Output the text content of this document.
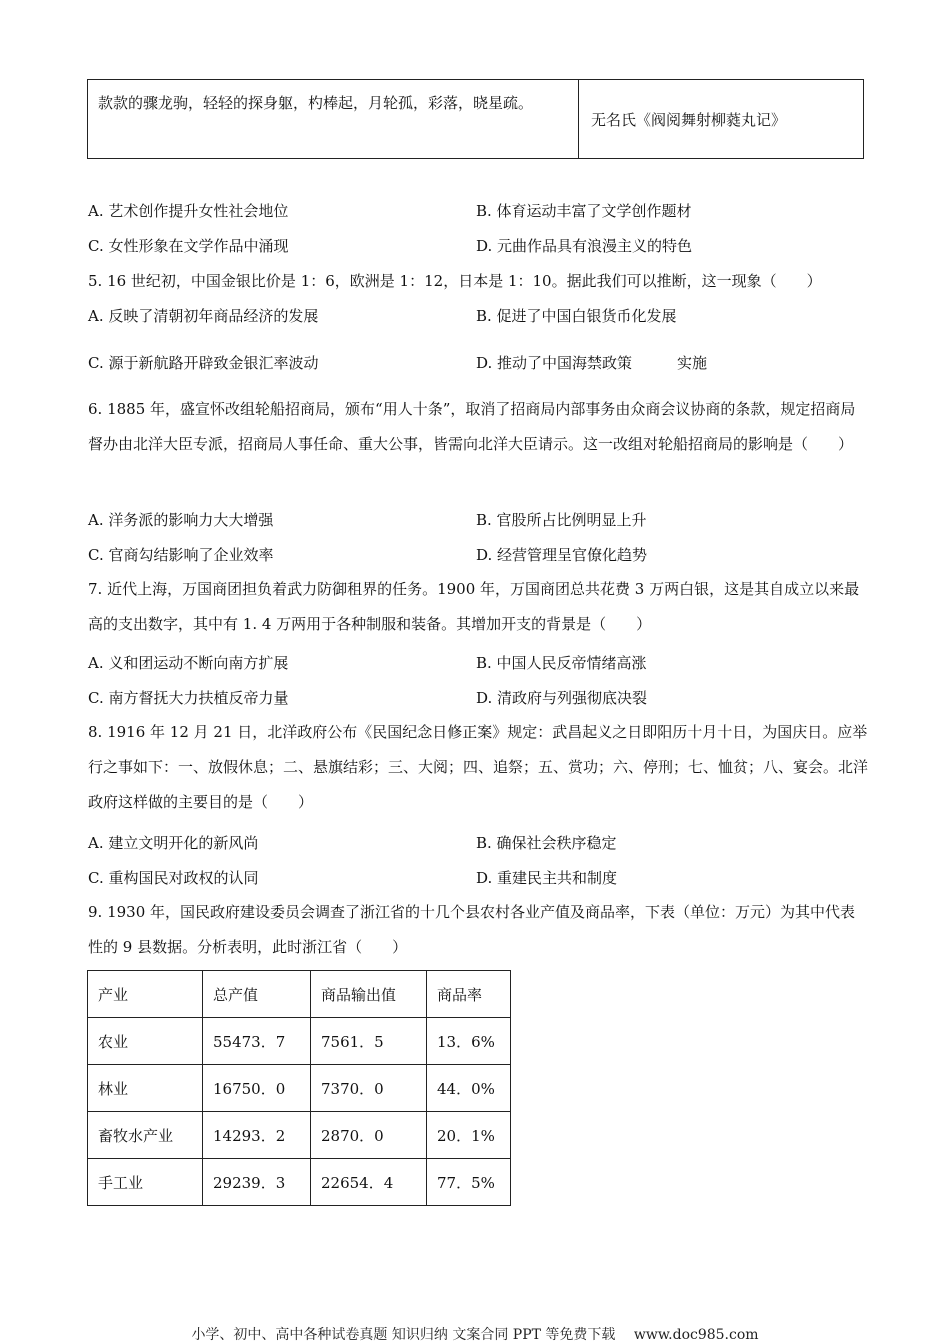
款款的骤龙驹，轻轻的探身躯，杓棒起，月轮孤，彩落，晓星疏。
无名氏《阀阅舞射柳蕤丸记》
A. 艺术创作提升女性社会地位	B. 体育运动丰富了文学创作题材
C. 女性形象在文学作品中涌现	D. 元曲作品具有浪漫主义的特色
5. 16 世纪初，中国金银比价是 1：6，欧洲是 1：12，日本是 1：10。据此我们可以推断，这一现象（　　）
A. 反映了清朝初年商品经济的发展	B. 促进了中国白银货币化发展
C. 源于新航路开辟致金银汇率波动	D. 推动了中国海禁政策　　　实施
6. 1885 年，盛宣怀改组轮船招商局，颁布“用人十条”，取消了招商局内部事务由众商会议协商的条款，规定招商局督办由北洋大臣专派，招商局人事任命、重大公事，皆需向北洋大臣请示。这一改组对轮船招商局的影响是（　　）
A. 洋务派的影响力大大增强	B. 官股所占比例明显上升
C. 官商勾结影响了企业效率	D. 经营管理呈官僚化趋势
7. 近代上海，万国商团担负着武力防御租界的任务。1900 年，万国商团总共花费 3 万两白银，这是其自成立以来最高的支出数字，其中有 1. 4 万两用于各种制服和装备。其增加开支的背景是（　　）
A. 义和团运动不断向南方扩展	B. 中国人民反帝情绪高涨
C. 南方督抚大力扶植反帝力量	D. 清政府与列强彻底决裂
8. 1916 年 12 月 21 日，北洋政府公布《民国纪念日修正案》规定：武昌起义之日即阳历十月十日，为国庆日。应举行之事如下：一、放假休息；二、悬旗结彩；三、大阅；四、追祭；五、赏功；六、停刑；七、恤贫；八、宴会。北洋政府这样做的主要目的是（　　）
A. 建立文明开化的新风尚	B. 确保社会秩序稳定
C. 重构国民对政权的认同	D. 重建民主共和制度
9. 1930 年，国民政府建设委员会调查了浙江省的十几个县农村各业产值及商品率，下表（单位：万元）为其中代表性的 9 县数据。分析表明，此时浙江省（　　）
产业	总产值	商品输出值	商品率
农业	55473．7	7561．5	13．6%
林业	16750．0	7370．0	44．0%
畜牧水产业	14293．2	2870．0	20．1%
手工业	29239．3	22654．4	77．5%
小学、初中、高中各种试卷真题 知识归纳 文案合同 PPT 等免费下载　 www.doc985.com
